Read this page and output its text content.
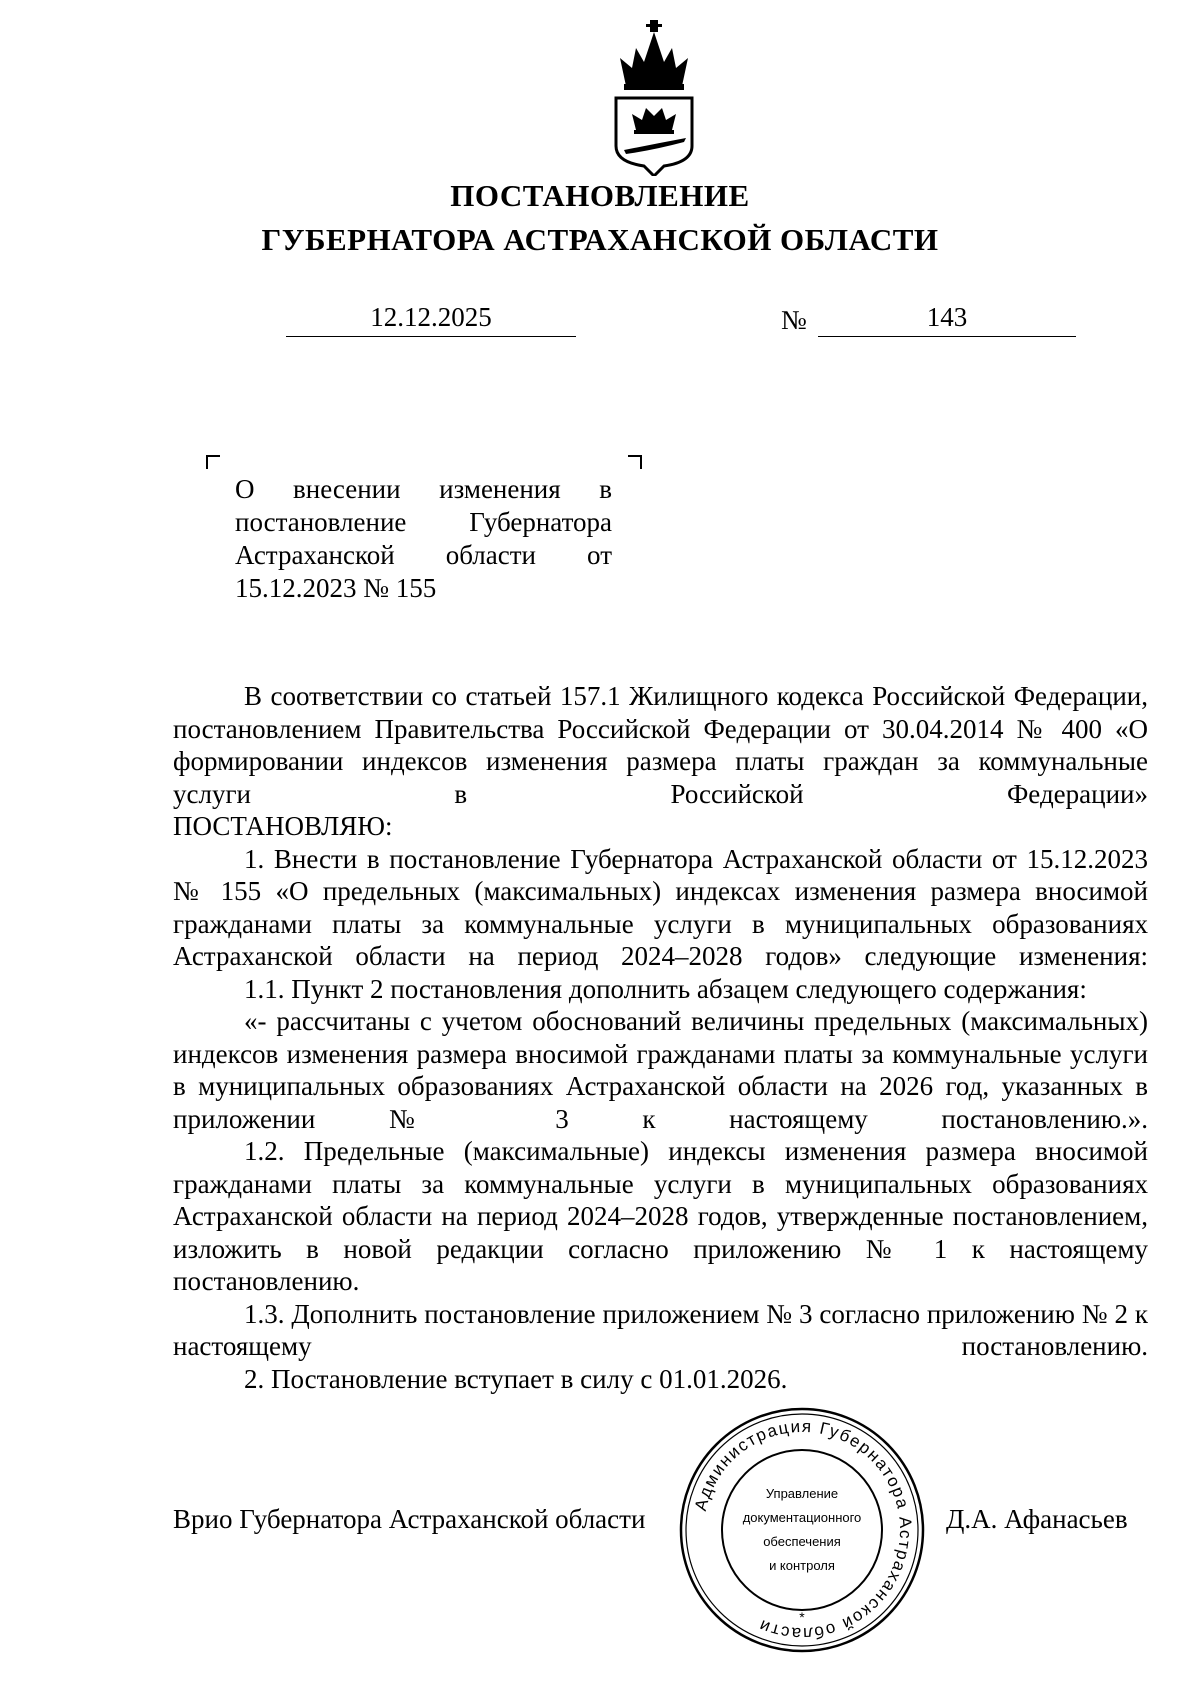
ПОСТАНОВЛЕНИЕ
ГУБЕРНАТОРА АСТРАХАНСКОЙ ОБЛАСТИ
12.12.2025	№	143
О внесении изменения в постановление Губернатора Астраханской области от 15.12.2023 № 155

В соответствии со статьей 157.1 Жилищного кодекса Российской Федерации, постановлением Правительства Российской Федерации от 30.04.2014 № 400 «О формировании индексов изменения размера платы граждан за коммунальные услуги в Российской Федерации»

ПОСТАНОВЛЯЮ:

1. Внести в постановление Губернатора Астраханской области от 15.12.2023 № 155 «О предельных (максимальных) индексах изменения размера вносимой гражданами платы за коммунальные услуги в муниципальных образованиях Астраханской области на период 2024–2028 годов» следующие изменения:

1.1. Пункт 2 постановления дополнить абзацем следующего содержания:

«- рассчитаны с учетом обоснований величины предельных (максимальных) индексов изменения размера вносимой гражданами платы за коммунальные услуги в муниципальных образованиях Астраханской области на 2026 год, указанных в приложении № 3 к настоящему постановлению.».

1.2. Предельные (максимальные) индексы изменения размера вносимой гражданами платы за коммунальные услуги в муниципальных образованиях Астраханской области на период 2024–2028 годов, утвержденные постановлением, изложить в новой редакции согласно приложению № 1 к настоящему постановлению.

1.3. Дополнить постановление приложением № 3 согласно приложению № 2 к настоящему постановлению.

2. Постановление вступает в силу с 01.01.2026.

Врио Губернатора Астраханской области	Д.А. Афанасьев
Администрация Губернатора Астраханской области	*
Управление
документационного
обеспечения
и контроля
